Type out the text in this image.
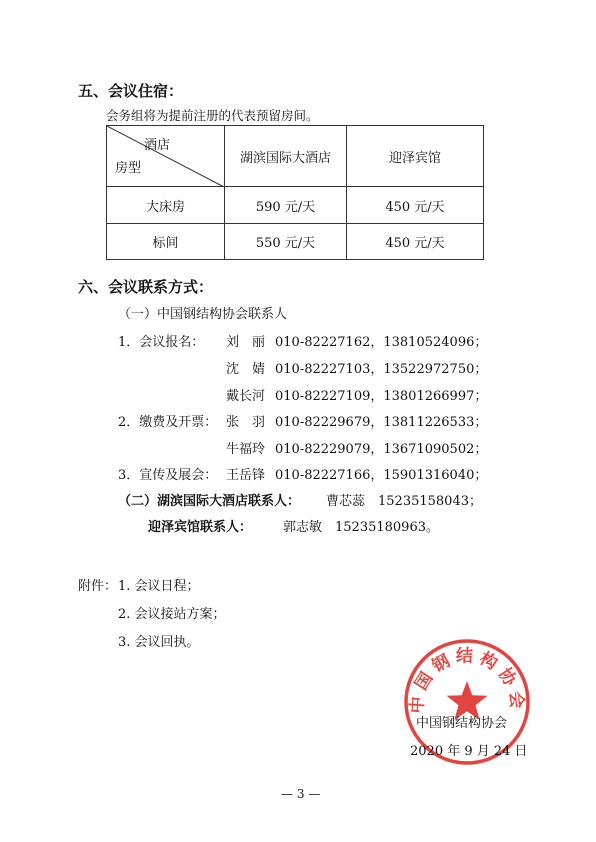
五、会议住宿：
会务组将为提前注册的代表预留房间。
酒店
房型	湖滨国际大酒店	迎泽宾馆
大床房	590 元/天	450 元/天
标间	550 元/天	450 元/天
六、会议联系方式：
（一）中国钢结构协会联系人
1．会议报名： 刘　丽 010-82227162，13810524096；
沈　婧 010-82227103，13522972750；
戴长河 010-82227109，13801266997；
2．缴费及开票： 张　羽 010-82229679，13811226533；
牛福玲 010-82229079，13671090502；
3．宣传及展会： 王岳锋 010-82227166，15901316040；
（二）湖滨国际大酒店联系人： 曹芯蕊　15235158043；
迎泽宾馆联系人： 郭志敏　15235180963。
附件： 1. 会议日程；
2. 会议接站方案；
3. 会议回执。
中国钢结构协会
中国钢结构协会
2020 年 9 月 24 日
— 3 —
